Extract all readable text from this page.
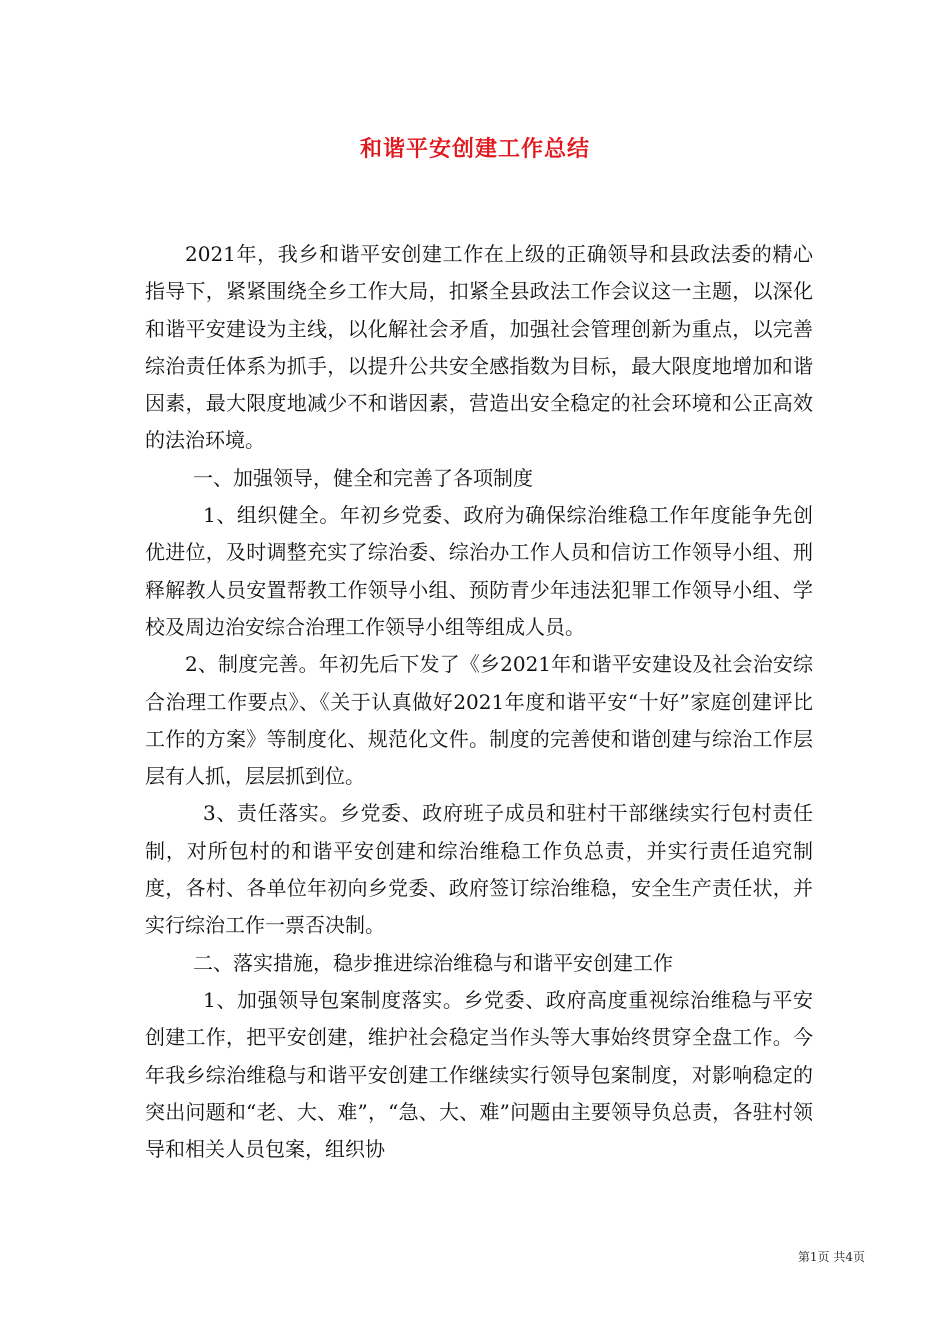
和谐平安创建工作总结

2021年，我乡和谐平安创建工作在上级的正确领导和县政法委的精心指导下，紧紧围绕全乡工作大局，扣紧全县政法工作会议这一主题，以深化和谐平安建设为主线，以化解社会矛盾，加强社会管理创新为重点，以完善综治责任体系为抓手，以提升公共安全感指数为目标，最大限度地增加和谐因素，最大限度地减少不和谐因素，营造出安全稳定的社会环境和公正高效的法治环境。

一、加强领导，健全和完善了各项制度

1、组织健全。年初乡党委、政府为确保综治维稳工作年度能争先创优进位，及时调整充实了综治委、综治办工作人员和信访工作领导小组、刑释解教人员安置帮教工作领导小组、预防青少年违法犯罪工作领导小组、学校及周边治安综合治理工作领导小组等组成人员。

2、制度完善。年初先后下发了《乡2021年和谐平安建设及社会治安综合治理工作要点》、《关于认真做好2021年度和谐平安“十好”家庭创建评比工作的方案》等制度化、规范化文件。制度的完善使和谐创建与综治工作层层有人抓，层层抓到位。

3、责任落实。乡党委、政府班子成员和驻村干部继续实行包村责任制，对所包村的和谐平安创建和综治维稳工作负总责，并实行责任追究制度，各村、各单位年初向乡党委、政府签订综治维稳，安全生产责任状，并实行综治工作一票否决制。

二、落实措施，稳步推进综治维稳与和谐平安创建工作

1、加强领导包案制度落实。乡党委、政府高度重视综治维稳与平安创建工作，把平安创建，维护社会稳定当作头等大事始终贯穿全盘工作。今年我乡综治维稳与和谐平安创建工作继续实行领导包案制度，对影响稳定的突出问题和“老、大、难”，“急、大、难”问题由主要领导负总责，各驻村领导和相关人员包案，组织协

第1页 共4页
